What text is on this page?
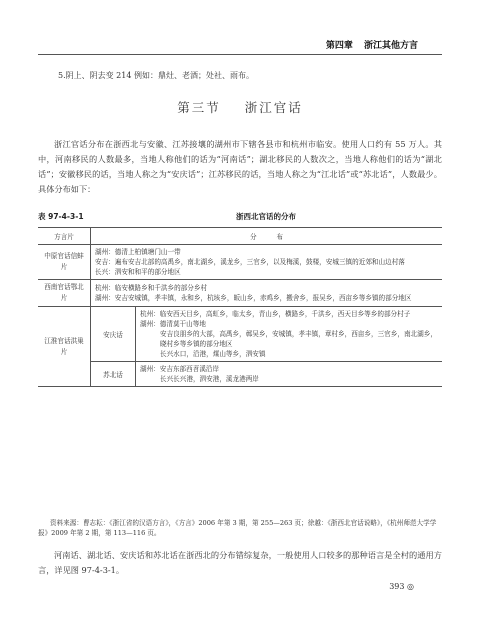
第四章 浙江其他方言
5.阴上、阴去变 214 例如：鼎灶、老酒；处社、雨布。
第三节 浙江官话
浙江官话分布在浙西北与安徽、江苏接壤的湖州市下辖各县市和杭州市临安。使用人口约有 55 万人。其中，河南移民的人数最多，当地人称他们的话为“河南话”；湖北移民的人数次之，当地人称他们的话为“湖北话”；安徽移民的话，当地人称之为“安庆话”；江苏移民的话，当地人称之为“江北话”或“苏北话”，人数最少。具体分布如下：
表 97-4-3-1	浙西北官话的分布
方言片	分　　　布	
中原官话信蚌片	湖州：德清上柏镇塘门山一带
安吉：遍布安吉北部的高禹乡，南北湖乡，溪龙乡，三官乡，以及梅溪，鼓楼，安城三镇的近郊和山边村落
长兴：泗安和和平的部分地区	
西南官话鄂北片	杭州：临安横路乡和千洪乡的部分乡村
湖州：安吉安城镇，孝丰镇，永和乡，杭垓乡，皈山乡，赤鸡乡，搬舍乡，报吴乡，西亩乡等乡镇的部分地区	
江淮官话洪巢片	安庆话	杭州：临安西天目乡，高虹乡，临太乡，青山乡，横路乡，千洪乡，西天目乡等乡的部分村子
湖州：德清莫干山等地

安吉良朋乡的大部，高禹乡，鄣吴乡，安城镇，孝丰镇，章村乡，西亩乡，三官乡，南北湖乡，晓村乡等乡镇的部分地区
长兴水口，沿港，煤山等乡，泗安镇

	苏北话	湖州：安吉东部西苕溪沿岸

长兴长兴港，泗安港，溪龙港两岸
资料来源：曹志耘：《浙江省的汉语方言》，《方言》2006 年第 3 期，第 255—263 页；徐越：《浙西北官话说略》，《杭州师范大学学报》2009 年第 2 期，第 113—116 页。
河南话、湖北话、安庆话和苏北话在浙西北的分布错综复杂，一般使用人口较多的那种语言是全村的通用方言，详见图 97-4-3-1。
393 ◎
